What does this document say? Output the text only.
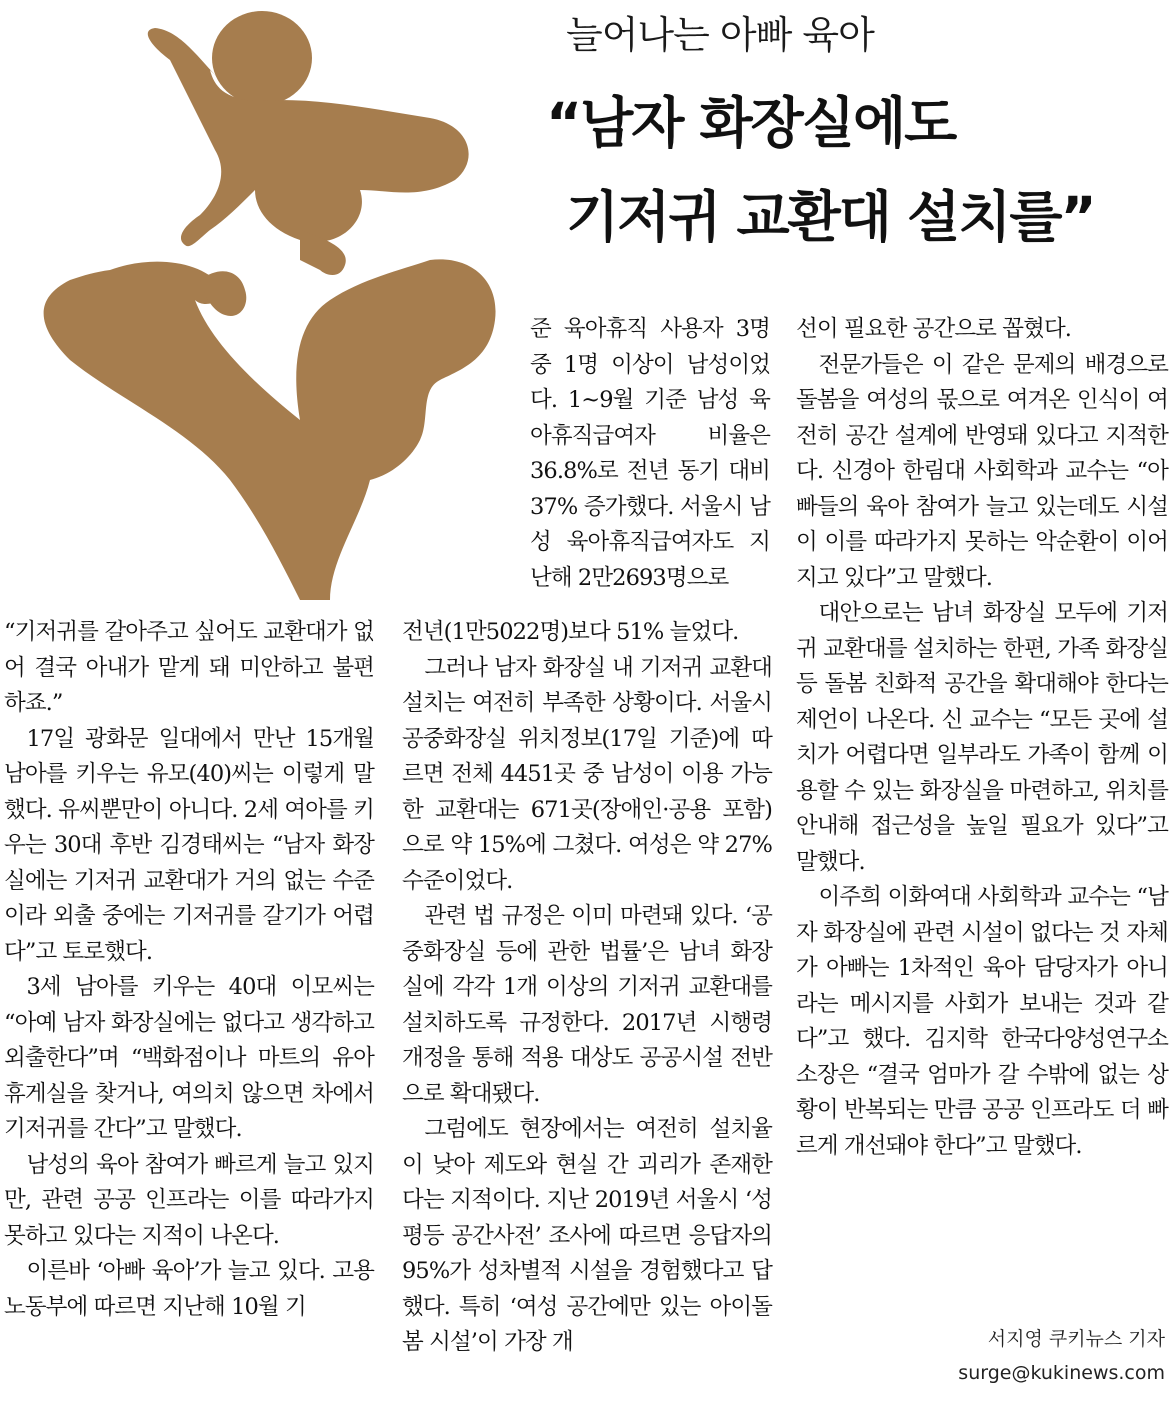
늘어나는 아빠 육아
“남자 화장실에도
기저귀 교환대 설치를”

“기저귀를 갈아주고 싶어도 교환대가 없어 결국 아내가 맡게 돼 미안하고 불편하죠.”

17일 광화문 일대에서 만난 15개월 남아를 키우는 유모(40)씨는 이렇게 말했다. 유씨뿐만이 아니다. 2세 여아를 키우는 30대 후반 김경태씨는 “남자 화장실에는 기저귀 교환대가 거의 없는 수준이라 외출 중에는 기저귀를 갈기가 어렵다”고 토로했다.

3세 남아를 키우는 40대 이모씨는 “아예 남자 화장실에는 없다고 생각하고 외출한다”며 “백화점이나 마트의 유아휴게실을 찾거나, 여의치 않으면 차에서 기저귀를 간다”고 말했다.

남성의 육아 참여가 빠르게 늘고 있지만, 관련 공공 인프라는 이를 따라가지 못하고 있다는 지적이 나온다.

이른바 ‘아빠 육아’가 늘고 있다. 고용노동부에 따르면 지난해 10월 기

준 육아휴직 사용자 3명 중 1명 이상이 남성이었다. 1~9월 기준 남성 육아휴직급여자 비율은 36.8%로 전년 동기 대비 37% 증가했다. 서울시 남성 육아휴직급여자도 지난해 2만2693명으로

전년(1만5022명)보다 51% 늘었다.

그러나 남자 화장실 내 기저귀 교환대 설치는 여전히 부족한 상황이다. 서울시 공중화장실 위치정보(17일 기준)에 따르면 전체 4451곳 중 남성이 이용 가능한 교환대는 671곳(장애인·공용 포함)으로 약 15%에 그쳤다. 여성은 약 27% 수준이었다.

관련 법 규정은 이미 마련돼 있다. ‘공중화장실 등에 관한 법률’은 남녀 화장실에 각각 1개 이상의 기저귀 교환대를 설치하도록 규정한다. 2017년 시행령 개정을 통해 적용 대상도 공공시설 전반으로 확대됐다.

그럼에도 현장에서는 여전히 설치율이 낮아 제도와 현실 간 괴리가 존재한다는 지적이다. 지난 2019년 서울시 ‘성평등 공간사전’ 조사에 따르면 응답자의 95%가 성차별적 시설을 경험했다고 답했다. 특히 ‘여성 공간에만 있는 아이돌봄 시설’이 가장 개

선이 필요한 공간으로 꼽혔다.

전문가들은 이 같은 문제의 배경으로 돌봄을 여성의 몫으로 여겨온 인식이 여전히 공간 설계에 반영돼 있다고 지적한다. 신경아 한림대 사회학과 교수는 “아빠들의 육아 참여가 늘고 있는데도 시설이 이를 따라가지 못하는 악순환이 이어지고 있다”고 말했다.

대안으로는 남녀 화장실 모두에 기저귀 교환대를 설치하는 한편, 가족 화장실 등 돌봄 친화적 공간을 확대해야 한다는 제언이 나온다. 신 교수는 “모든 곳에 설치가 어렵다면 일부라도 가족이 함께 이용할 수 있는 화장실을 마련하고, 위치를 안내해 접근성을 높일 필요가 있다”고 말했다.

이주희 이화여대 사회학과 교수는 “남자 화장실에 관련 시설이 없다는 것 자체가 아빠는 1차적인 육아 담당자가 아니라는 메시지를 사회가 보내는 것과 같다”고 했다. 김지학 한국다양성연구소 소장은 “결국 엄마가 갈 수밖에 없는 상황이 반복되는 만큼 공공 인프라도 더 빠르게 개선돼야 한다”고 말했다.

서지영 쿠키뉴스 기자
surge@kukinews.com
